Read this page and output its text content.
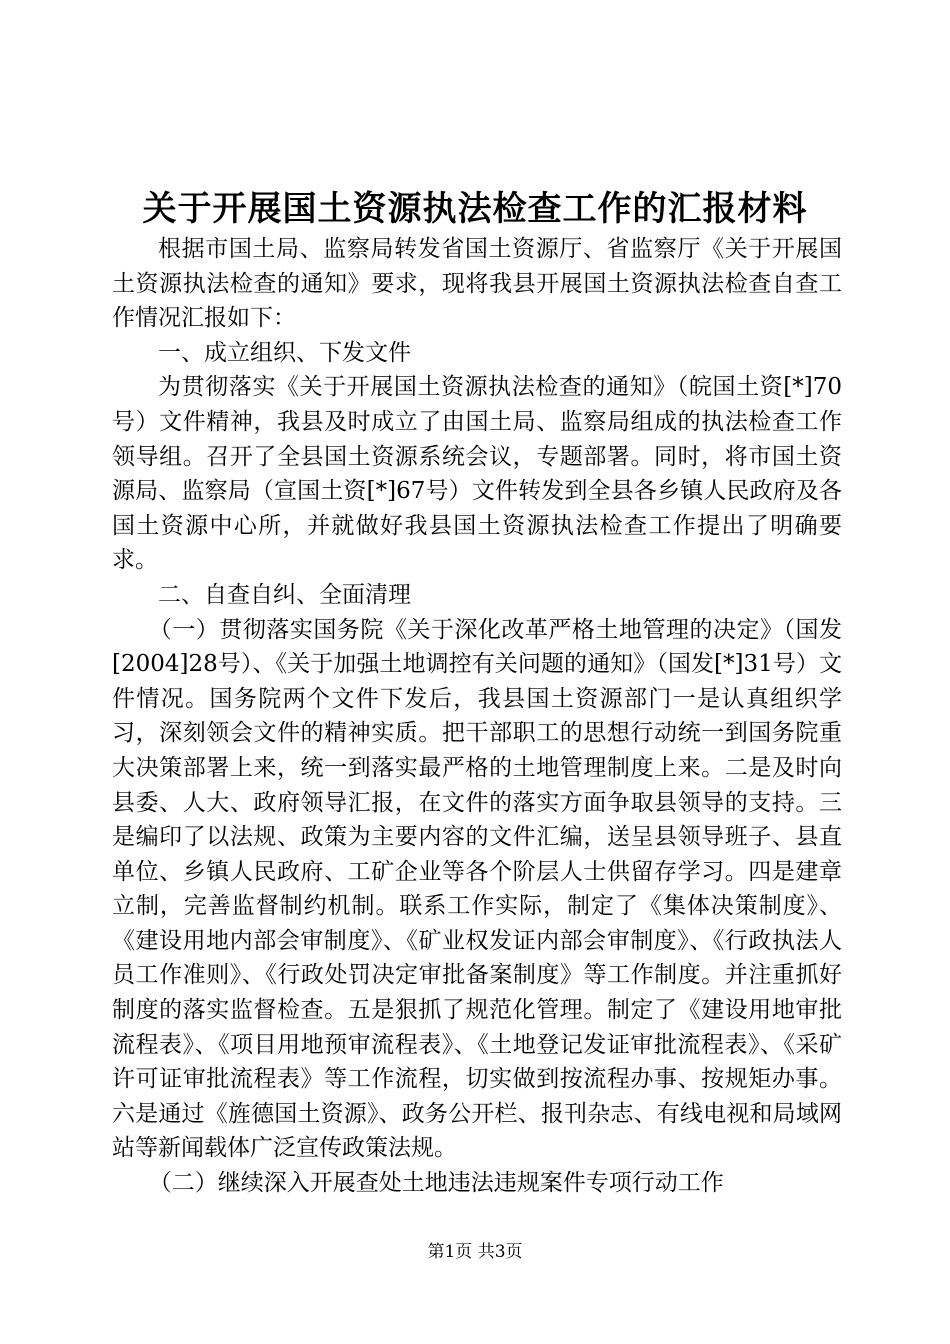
关于开展国土资源执法检查工作的汇报材料

根据市国土局、监察局转发省国土资源厅、省监察厅《关于开展国土资源执法检查的通知》要求，现将我县开展国土资源执法检查自查工作情况汇报如下：

一、成立组织、下发文件

为贯彻落实《关于开展国土资源执法检查的通知》（皖国土资[*]70号）文件精神，我县及时成立了由国土局、监察局组成的执法检查工作领导组。召开了全县国土资源系统会议，专题部署。同时，将市国土资源局、监察局（宣国土资[*]67号）文件转发到全县各乡镇人民政府及各国土资源中心所，并就做好我县国土资源执法检查工作提出了明确要求。

二、自查自纠、全面清理

（一）贯彻落实国务院《关于深化改革严格土地管理的决定》（国发[2004]28号）、《关于加强土地调控有关问题的通知》（国发[*]31号）文件情况。国务院两个文件下发后，我县国土资源部门一是认真组织学习，深刻领会文件的精神实质。把干部职工的思想行动统一到国务院重大决策部署上来，统一到落实最严格的土地管理制度上来。二是及时向县委、人大、政府领导汇报，在文件的落实方面争取县领导的支持。三是编印了以法规、政策为主要内容的文件汇编，送呈县领导班子、县直单位、乡镇人民政府、工矿企业等各个阶层人士供留存学习。四是建章立制，完善监督制约机制。联系工作实际，制定了《集体决策制度》、《建设用地内部会审制度》、《矿业权发证内部会审制度》、《行政执法人员工作准则》、《行政处罚决定审批备案制度》等工作制度。并注重抓好制度的落实监督检查。五是狠抓了规范化管理。制定了《建设用地审批流程表》、《项目用地预审流程表》、《土地登记发证审批流程表》、《采矿许可证审批流程表》等工作流程，切实做到按流程办事、按规矩办事。六是通过《旌德国土资源》、政务公开栏、报刊杂志、有线电视和局域网站等新闻载体广泛宣传政策法规。

（二）继续深入开展查处土地违法违规案件专项行动工作

第1页 共3页
